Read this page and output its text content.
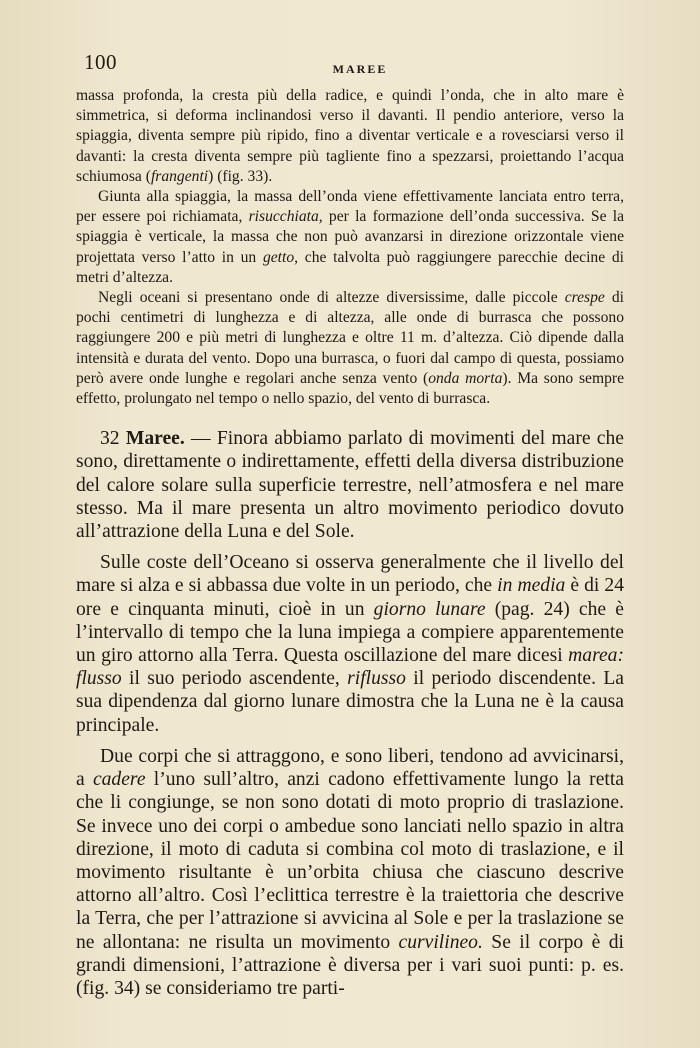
100	MAREE

massa profonda, la cresta più della radice, e quindi l’onda, che in alto mare è simmetrica, si deforma inclinandosi verso il davanti. Il pendio anteriore, verso la spiaggia, diventa sempre più ripido, fino a diventar verticale e a rovesciarsi verso il davanti: la cresta diventa sempre più tagliente fino a spezzarsi, proiettando l’acqua schiumosa (frangenti) (fig. 33).

Giunta alla spiaggia, la massa dell’onda viene effettivamente lanciata entro terra, per essere poi richiamata, risucchiata, per la formazione dell’onda successiva. Se la spiaggia è verticale, la massa che non può avanzarsi in direzione orizzontale viene projettata verso l’atto in un getto, che talvolta può raggiungere parecchie decine di metri d’altezza.

Negli oceani si presentano onde di altezze diversissime, dalle piccole crespe di pochi centimetri di lunghezza e di altezza, alle onde di burrasca che possono raggiungere 200 e più metri di lunghezza e oltre 11 m. d’altezza. Ciò dipende dalla intensità e durata del vento. Dopo una burrasca, o fuori dal campo di questa, possiamo però avere onde lunghe e regolari anche senza vento (onda morta). Ma sono sempre effetto, prolungato nel tempo o nello spazio, del vento di burrasca.

32 Maree. — Finora abbiamo parlato di movimenti del mare che sono, direttamente o indirettamente, effetti della diversa distribuzione del calore solare sulla superficie terrestre, nell’atmosfera e nel mare stesso. Ma il mare presenta un altro movimento periodico dovuto all’attrazione della Luna e del Sole.

Sulle coste dell’Oceano si osserva generalmente che il livello del mare si alza e si abbassa due volte in un periodo, che in media è di 24 ore e cinquanta minuti, cioè in un giorno lunare (pag. 24) che è l’intervallo di tempo che la luna impiega a compiere apparentemente un giro attorno alla Terra. Questa oscillazione del mare dicesi marea: flusso il suo periodo ascendente, riflusso il periodo discendente. La sua dipendenza dal giorno lunare dimostra che la Luna ne è la causa principale.

Due corpi che si attraggono, e sono liberi, tendono ad avvicinarsi, a cadere l’uno sull’altro, anzi cadono effettivamente lungo la retta che li congiunge, se non sono dotati di moto proprio di traslazione. Se invece uno dei corpi o ambedue sono lanciati nello spazio in altra direzione, il moto di caduta si combina col moto di traslazione, e il movimento risultante è un’orbita chiusa che ciascuno descrive attorno all’altro. Così l’eclittica terrestre è la traiettoria che descrive la Terra, che per l’attrazione si avvicina al Sole e per la traslazione se ne allontana: ne risulta un movimento curvilineo. Se il corpo è di grandi dimensioni, l’attrazione è diversa per i vari suoi punti: p. es. (fig. 34) se consideriamo tre parti-
